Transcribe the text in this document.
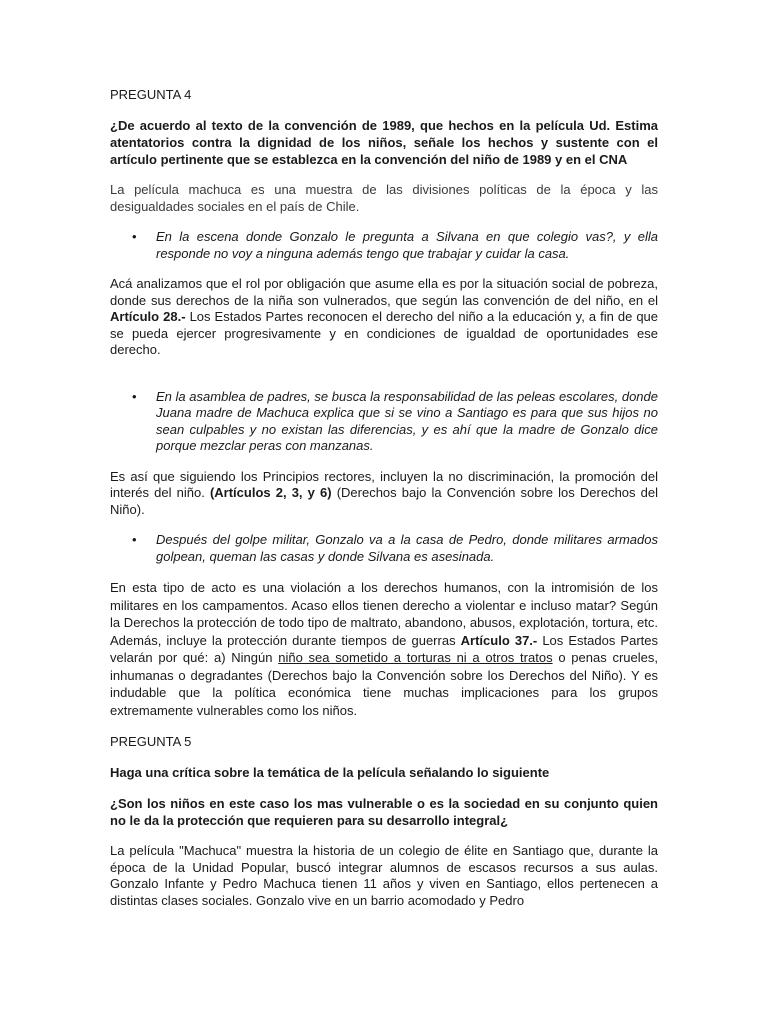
PREGUNTA 4

¿De acuerdo al texto de la convención de 1989, que hechos en la película Ud. Estima atentatorios contra la dignidad de los niños, señale los hechos y sustente con el artículo pertinente que se establezca en la convención del niño de 1989 y en el CNA

La película machuca es una muestra de las divisiones políticas de la época y las desigualdades sociales en el país de Chile.

• En la escena donde Gonzalo le pregunta a Silvana en que colegio vas?, y ella responde no voy a ninguna además tengo que trabajar y cuidar la casa.

Acá analizamos que el rol por obligación que asume ella es por la situación social de pobreza, donde sus derechos de la niña son vulnerados, que según las convención de del niño, en el Artículo 28.- Los Estados Partes reconocen el derecho del niño a la educación y, a fin de que se pueda ejercer progresivamente y en condiciones de igualdad de oportunidades ese derecho.

• En la asamblea de padres, se busca la responsabilidad de las peleas escolares, donde Juana madre de Machuca explica que si se vino a Santiago es para que sus hijos no sean culpables y no existan las diferencias, y es ahí que la madre de Gonzalo dice porque mezclar peras con manzanas.

Es así que siguiendo los Principios rectores, incluyen la no discriminación, la promoción del interés del niño. (Artículos 2, 3, y 6) (Derechos bajo la Convención sobre los Derechos del Niño).

• Después del golpe militar, Gonzalo va a la casa de Pedro, donde militares armados golpean, queman las casas y donde Silvana es asesinada.

En esta tipo de acto es una violación a los derechos humanos, con la intromisión de los militares en los campamentos. Acaso ellos tienen derecho a violentar e incluso matar? Según la Derechos la protección de todo tipo de maltrato, abandono, abusos, explotación, tortura, etc. Además, incluye la protección durante tiempos de guerras Artículo 37.- Los Estados Partes velarán por qué: a) Ningún niño sea sometido a torturas ni a otros tratos o penas crueles, inhumanas o degradantes (Derechos bajo la Convención sobre los Derechos del Niño). Y es indudable que la política económica tiene muchas implicaciones para los grupos extremamente vulnerables como los niños.

PREGUNTA 5

Haga una crítica sobre la temática de la película señalando lo siguiente

¿Son los niños en este caso los mas vulnerable o es la sociedad en su conjunto quien no le da la protección que requieren para su desarrollo integral¿

La película "Machuca" muestra la historia de un colegio de élite en Santiago que, durante la época de la Unidad Popular, buscó integrar alumnos de escasos recursos a sus aulas. Gonzalo Infante y Pedro Machuca tienen 11 años y viven en Santiago, ellos pertenecen a distintas clases sociales. Gonzalo vive en un barrio acomodado y Pedro
